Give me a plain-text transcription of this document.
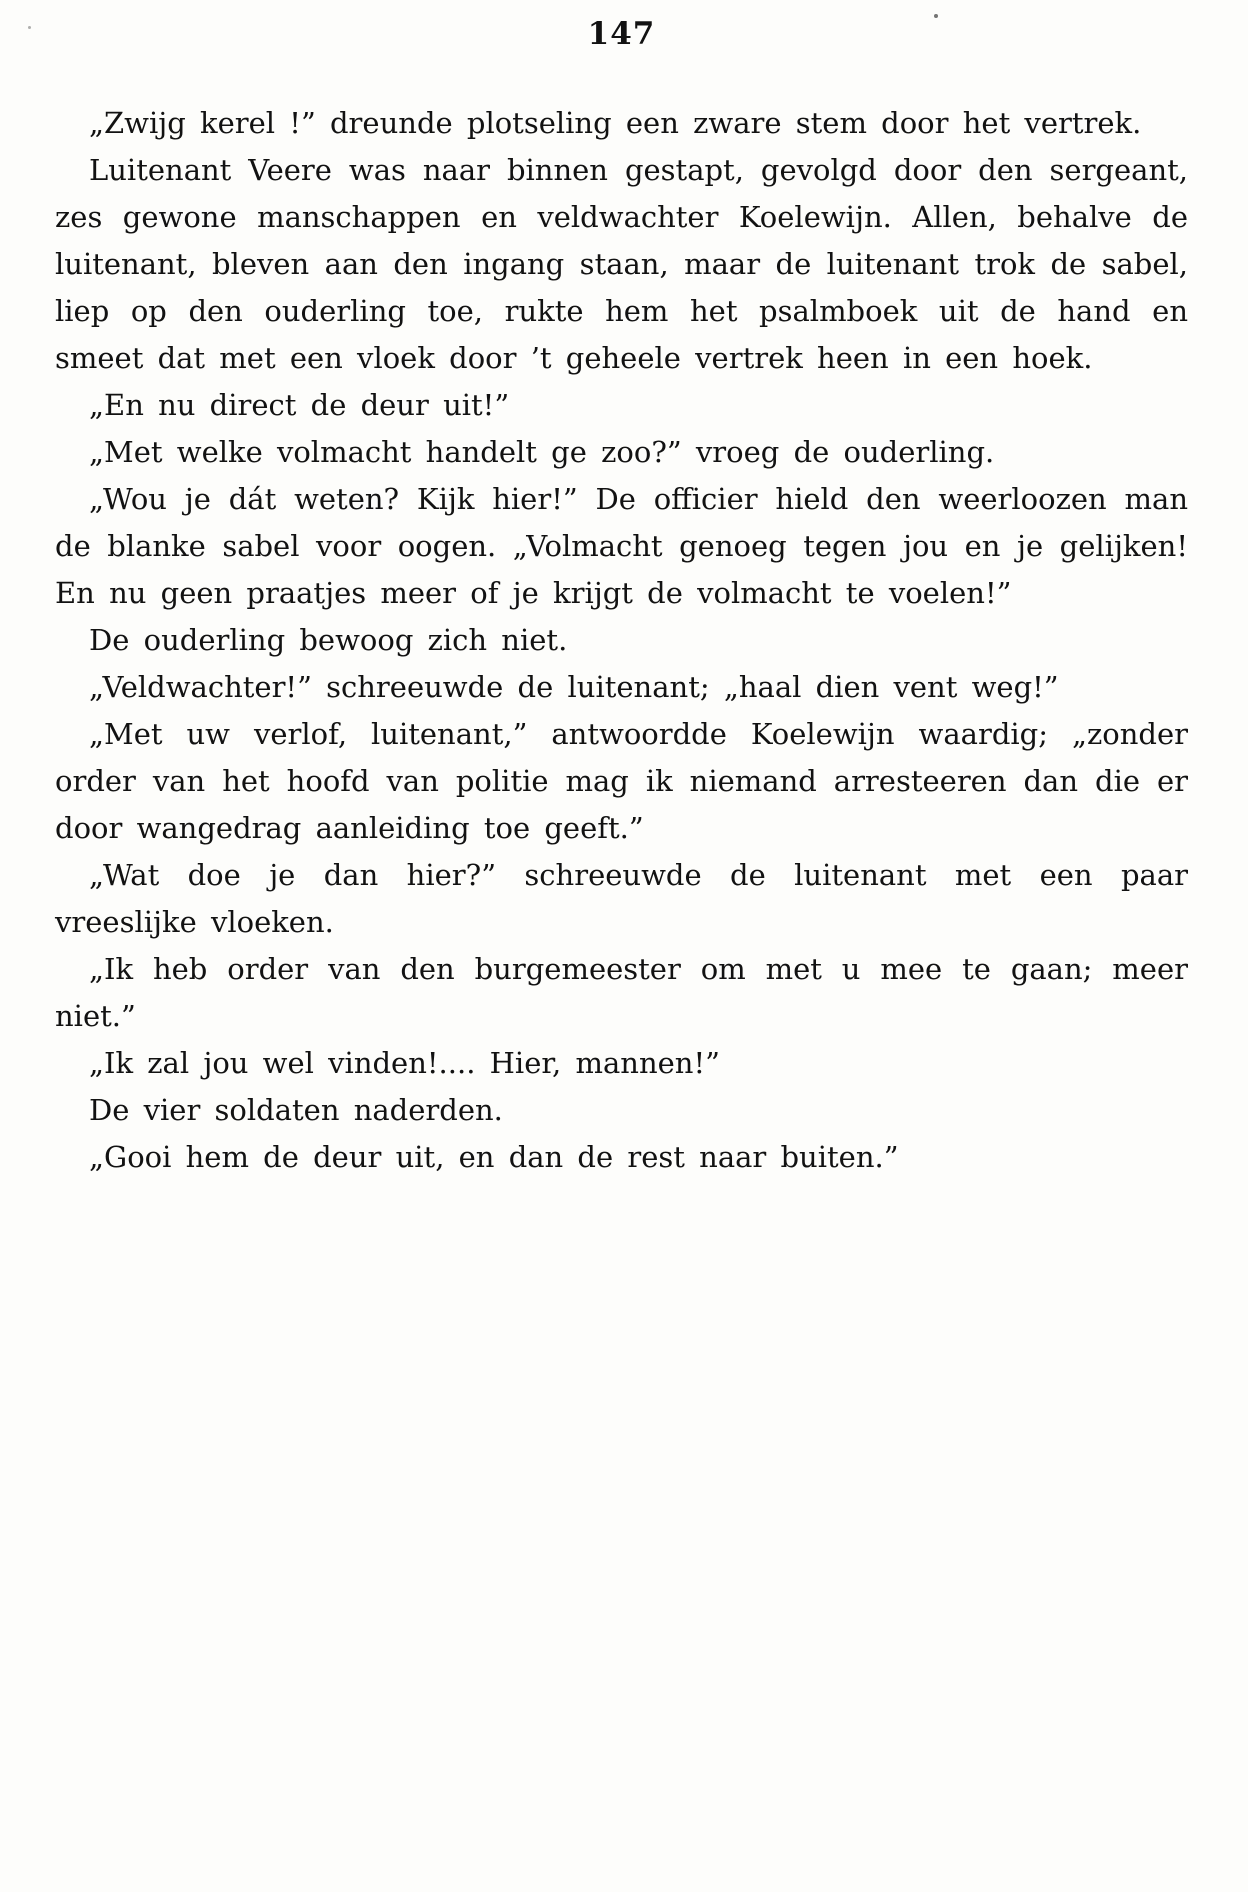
147

„Zwijg kerel !” dreunde plotseling een zware stem door het vertrek.

Luitenant Veere was naar binnen gestapt, gevolgd door den sergeant, zes gewone manschappen en veldwachter Koelewijn. Allen, behalve de luitenant, bleven aan den ingang staan, maar de luitenant trok de sabel, liep op den ouderling toe, rukte hem het psalmboek uit de hand en smeet dat met een vloek door ’t geheele vertrek heen in een hoek.

„En nu direct de deur uit!”

„Met welke volmacht handelt ge zoo?” vroeg de ouderling.

„Wou je dát weten? Kijk hier!” De officier hield den weerloozen man de blanke sabel voor oogen. „Volmacht genoeg tegen jou en je gelijken! En nu geen praatjes meer of je krijgt de volmacht te voelen!”

De ouderling bewoog zich niet.

„Veldwachter!” schreeuwde de luitenant; „haal dien vent weg!”

„Met uw verlof, luitenant,” antwoordde Koelewijn waardig; „zonder order van het hoofd van politie mag ik niemand arresteeren dan die er door wangedrag aanleiding toe geeft.”

„Wat doe je dan hier?” schreeuwde de luitenant met een paar vreeslijke vloeken.

„Ik heb order van den burgemeester om met u mee te gaan; meer niet.”

„Ik zal jou wel vinden!.... Hier, mannen!”

De vier soldaten naderden.

„Gooi hem de deur uit, en dan de rest naar buiten.”
